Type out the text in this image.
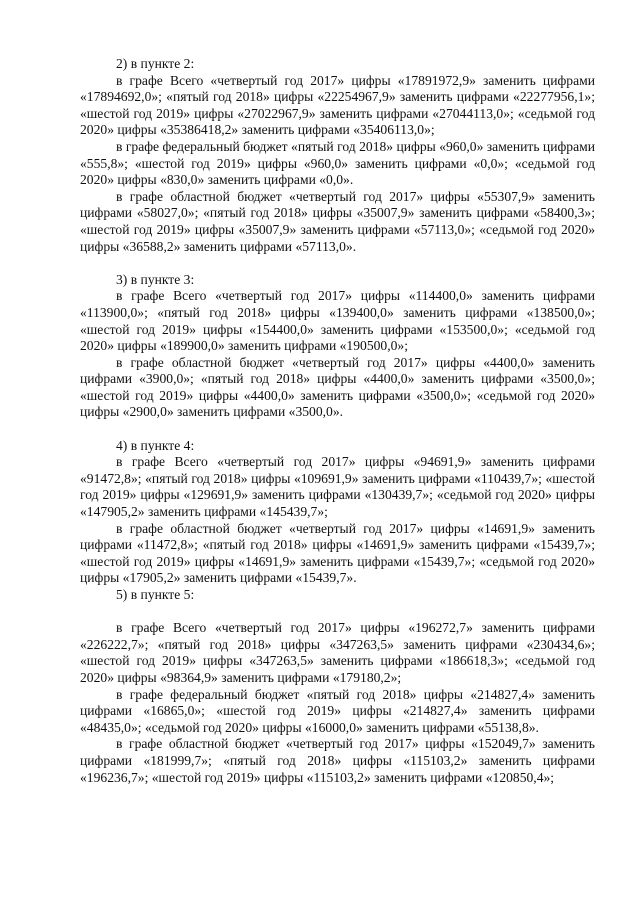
2) в пункте 2:

в графе Всего «четвертый год 2017» цифры «17891972,9» заменить цифрами «17894692,0»; «пятый год 2018» цифры «22254967,9» заменить цифрами «22277956,1»; «шестой год 2019» цифры «27022967,9» заменить цифрами «27044113,0»; «седьмой год 2020» цифры «35386418,2» заменить цифрами «35406113,0»;

в графе федеральный бюджет «пятый год 2018» цифры «960,0» заменить цифрами «555,8»; «шестой год 2019» цифры «960,0» заменить цифрами «0,0»; «седьмой год 2020» цифры «830,0» заменить цифрами «0,0».

в графе областной бюджет «четвертый год 2017» цифры «55307,9» заменить цифрами «58027,0»; «пятый год 2018» цифры «35007,9» заменить цифрами «58400,3»; «шестой год 2019» цифры «35007,9» заменить цифрами «57113,0»; «седьмой год 2020» цифры «36588,2» заменить цифрами «57113,0».

3) в пункте 3:

в графе Всего «четвертый год 2017» цифры «114400,0» заменить цифрами «113900,0»; «пятый год 2018» цифры «139400,0» заменить цифрами «138500,0»; «шестой год 2019» цифры «154400,0» заменить цифрами «153500,0»; «седьмой год 2020» цифры «189900,0» заменить цифрами «190500,0»;

в графе областной бюджет «четвертый год 2017» цифры «4400,0» заменить цифрами «3900,0»; «пятый год 2018» цифры «4400,0» заменить цифрами «3500,0»; «шестой год 2019» цифры «4400,0» заменить цифрами «3500,0»; «седьмой год 2020» цифры «2900,0» заменить цифрами «3500,0».

4) в пункте 4:

в графе Всего «четвертый год 2017» цифры «94691,9» заменить цифрами «91472,8»; «пятый год 2018» цифры «109691,9» заменить цифрами «110439,7»; «шестой год 2019» цифры «129691,9» заменить цифрами «130439,7»; «седьмой год 2020» цифры «147905,2» заменить цифрами «145439,7»;

в графе областной бюджет «четвертый год 2017» цифры «14691,9» заменить цифрами «11472,8»; «пятый год 2018» цифры «14691,9» заменить цифрами «15439,7»; «шестой год 2019» цифры «14691,9» заменить цифрами «15439,7»; «седьмой год 2020» цифры «17905,2» заменить цифрами «15439,7».

5) в пункте 5:

в графе Всего «четвертый год 2017» цифры «196272,7» заменить цифрами «226222,7»; «пятый год 2018» цифры «347263,5» заменить цифрами «230434,6»; «шестой год 2019» цифры «347263,5» заменить цифрами «186618,3»; «седьмой год 2020» цифры «98364,9» заменить цифрами «179180,2»;

в графе федеральный бюджет «пятый год 2018» цифры «214827,4» заменить цифрами «16865,0»; «шестой год 2019» цифры «214827,4» заменить цифрами «48435,0»; «седьмой год 2020» цифры «16000,0» заменить цифрами «55138,8».

в графе областной бюджет «четвертый год 2017» цифры «152049,7» заменить цифрами «181999,7»; «пятый год 2018» цифры «115103,2» заменить цифрами «196236,7»; «шестой год 2019» цифры «115103,2» заменить цифрами «120850,4»;
